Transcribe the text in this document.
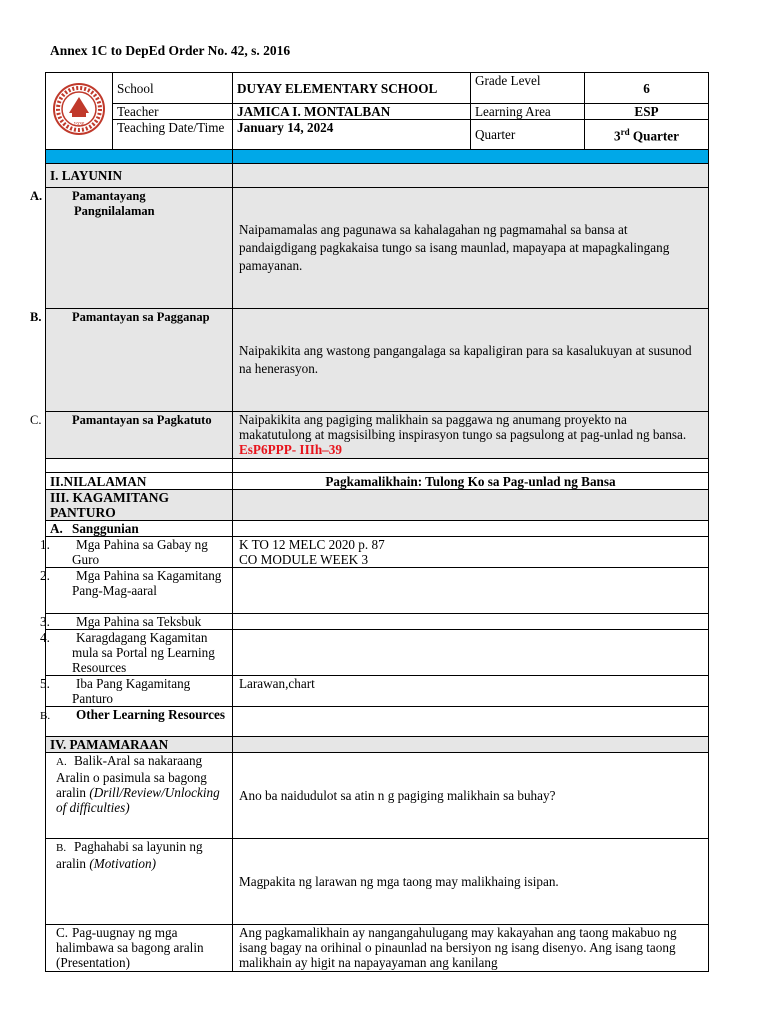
Annex 1C to DepEd Order No. 42, s. 2016
1936	School	DUYAY ELEMENTARY SCHOOL	Grade Level	6
	Teacher	JAMICA I. MONTALBAN	Learning Area	ESP
	Teaching Date/Time	January 14, 2024	Quarter	3rd Quarter

I. LAYUNIN				
A. Pamantayang Pangnilalaman		Naipamamalas ang pagunawa sa kahalagahan ng pagmamahal sa bansa at pandaigdigang pagkakaisa tungo sa isang maunlad, mapayapa at mapagkalingang pamayanan.		
B. Pamantayan sa Pagganap		Naipakikita ang wastong pangangalaga sa kapaligiran para sa kasalukuyan at susunod na henerasyon.		
C. Pamantayan sa Pagkatuto		Naipakikita ang pagiging malikhain sa paggawa ng anumang proyekto na makatutulong at magsisilbing inspirasyon tungo sa pagsulong at pag-unlad ng bansa. EsP6PPP- IIIh–39		

II.NILALAMAN		Pagkamalikhain: Tulong Ko sa Pag-unlad ng Bansa		
III. KAGAMITANG PANTURO				
A. Sanggunian				
1. Mga Pahina sa Gabay ng Guro		K TO 12 MELC 2020 p. 87
CO MODULE WEEK 3		

2. Mga Pahina sa Kagamitang Pang-Mag-aaral				
3. Mga Pahina sa Teksbuk				
4. Karagdagang Kagamitan mula sa Portal ng Learning Resources				
5. Iba Pang Kagamitang Panturo		Larawan,chart		
B. Other Learning Resources				
IV. PAMAMARAAN				
A. Balik-Aral sa nakaraang Aralin o pasimula sa bagong aralin (Drill/Review/Unlocking of difficulties)		Ano ba naidudulot sa atin n g pagiging malikhain sa buhay?		
B. Paghahabi sa layunin ng aralin (Motivation)		Magpakita ng larawan ng mga taong may malikhaing isipan.		
C. Pag-uugnay ng mga halimbawa sa bagong aralin (Presentation)		Ang pagkamalikhain ay nangangahulugang may kakayahan ang taong makabuo ng isang bagay na orihinal o pinaunlad na bersiyon ng isang disenyo. Ang isang taong malikhain ay higit na napayayaman ang kanilang		
